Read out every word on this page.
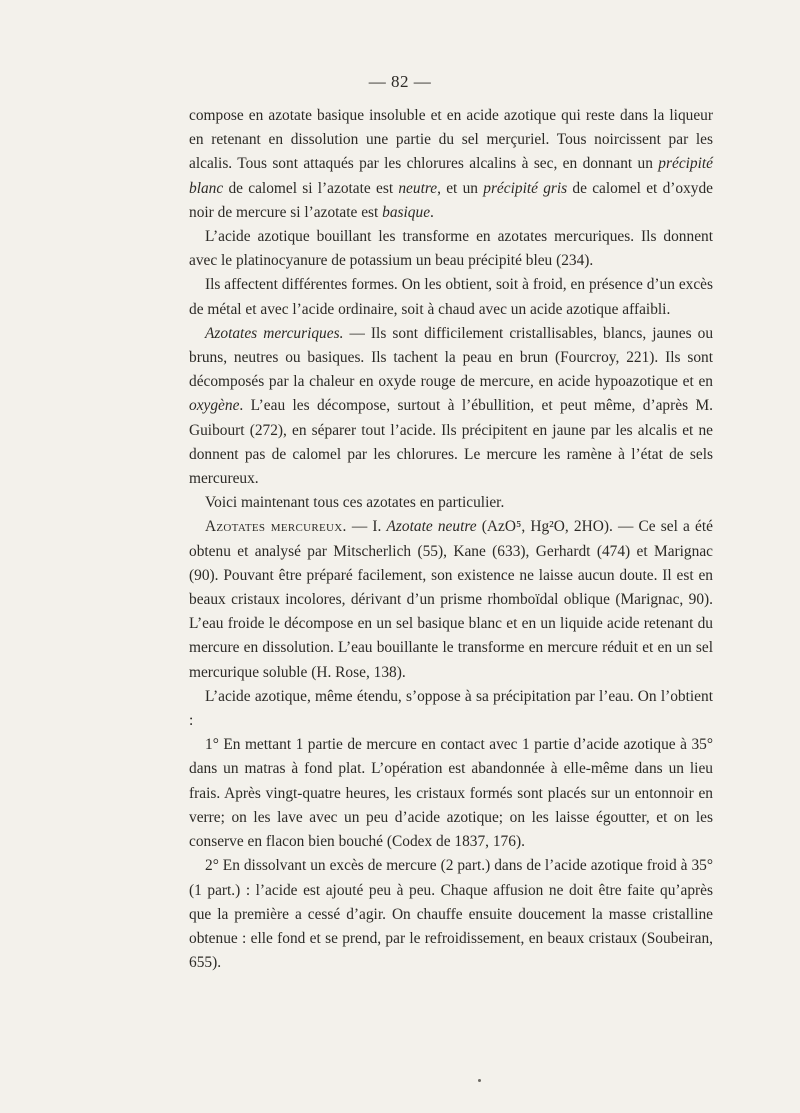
— 82 —

compose en azotate basique insoluble et en acide azotique qui reste dans la liqueur en retenant en dissolution une partie du sel merçuriel. Tous noircissent par les alcalis. Tous sont attaqués par les chlorures alcalins à sec, en donnant un précipité blanc de calomel si l’azotate est neutre, et un précipité gris de calomel et d’oxyde noir de mercure si l’azotate est basique.

L’acide azotique bouillant les transforme en azotates mercuriques. Ils donnent avec le platinocyanure de potassium un beau précipité bleu (234).

Ils affectent différentes formes. On les obtient, soit à froid, en présence d’un excès de métal et avec l’acide ordinaire, soit à chaud avec un acide azotique affaibli.

Azotates mercuriques. — Ils sont difficilement cristallisables, blancs, jaunes ou bruns, neutres ou basiques. Ils tachent la peau en brun (Fourcroy, 221). Ils sont décomposés par la chaleur en oxyde rouge de mercure, en acide hypoazotique et en oxygène. L’eau les décompose, surtout à l’ébullition, et peut même, d’après M. Guibourt (272), en séparer tout l’acide. Ils précipitent en jaune par les alcalis et ne donnent pas de calomel par les chlorures. Le mercure les ramène à l’état de sels mercureux.

Voici maintenant tous ces azotates en particulier.

Azotates mercureux. — I. Azotate neutre (AzO⁵, Hg²O, 2HO). — Ce sel a été obtenu et analysé par Mitscherlich (55), Kane (633), Gerhardt (474) et Marignac (90). Pouvant être préparé facilement, son existence ne laisse aucun doute. Il est en beaux cristaux incolores, dérivant d’un prisme rhomboïdal oblique (Marignac, 90). L’eau froide le décompose en un sel basique blanc et en un liquide acide retenant du mercure en dissolution. L’eau bouillante le transforme en mercure réduit et en un sel mercurique soluble (H. Rose, 138).

L’acide azotique, même étendu, s’oppose à sa précipitation par l’eau. On l’obtient :

1° En mettant 1 partie de mercure en contact avec 1 partie d’acide azotique à 35° dans un matras à fond plat. L’opération est abandonnée à elle-même dans un lieu frais. Après vingt-quatre heures, les cristaux formés sont placés sur un entonnoir en verre; on les lave avec un peu d’acide azotique; on les laisse égoutter, et on les conserve en flacon bien bouché (Codex de 1837, 176).

2° En dissolvant un excès de mercure (2 part.) dans de l’acide azotique froid à 35° (1 part.) : l’acide est ajouté peu à peu. Chaque affusion ne doit être faite qu’après que la première a cessé d’agir. On chauffe ensuite doucement la masse cristalline obtenue : elle fond et se prend, par le refroidissement, en beaux cristaux (Soubeiran, 655).
